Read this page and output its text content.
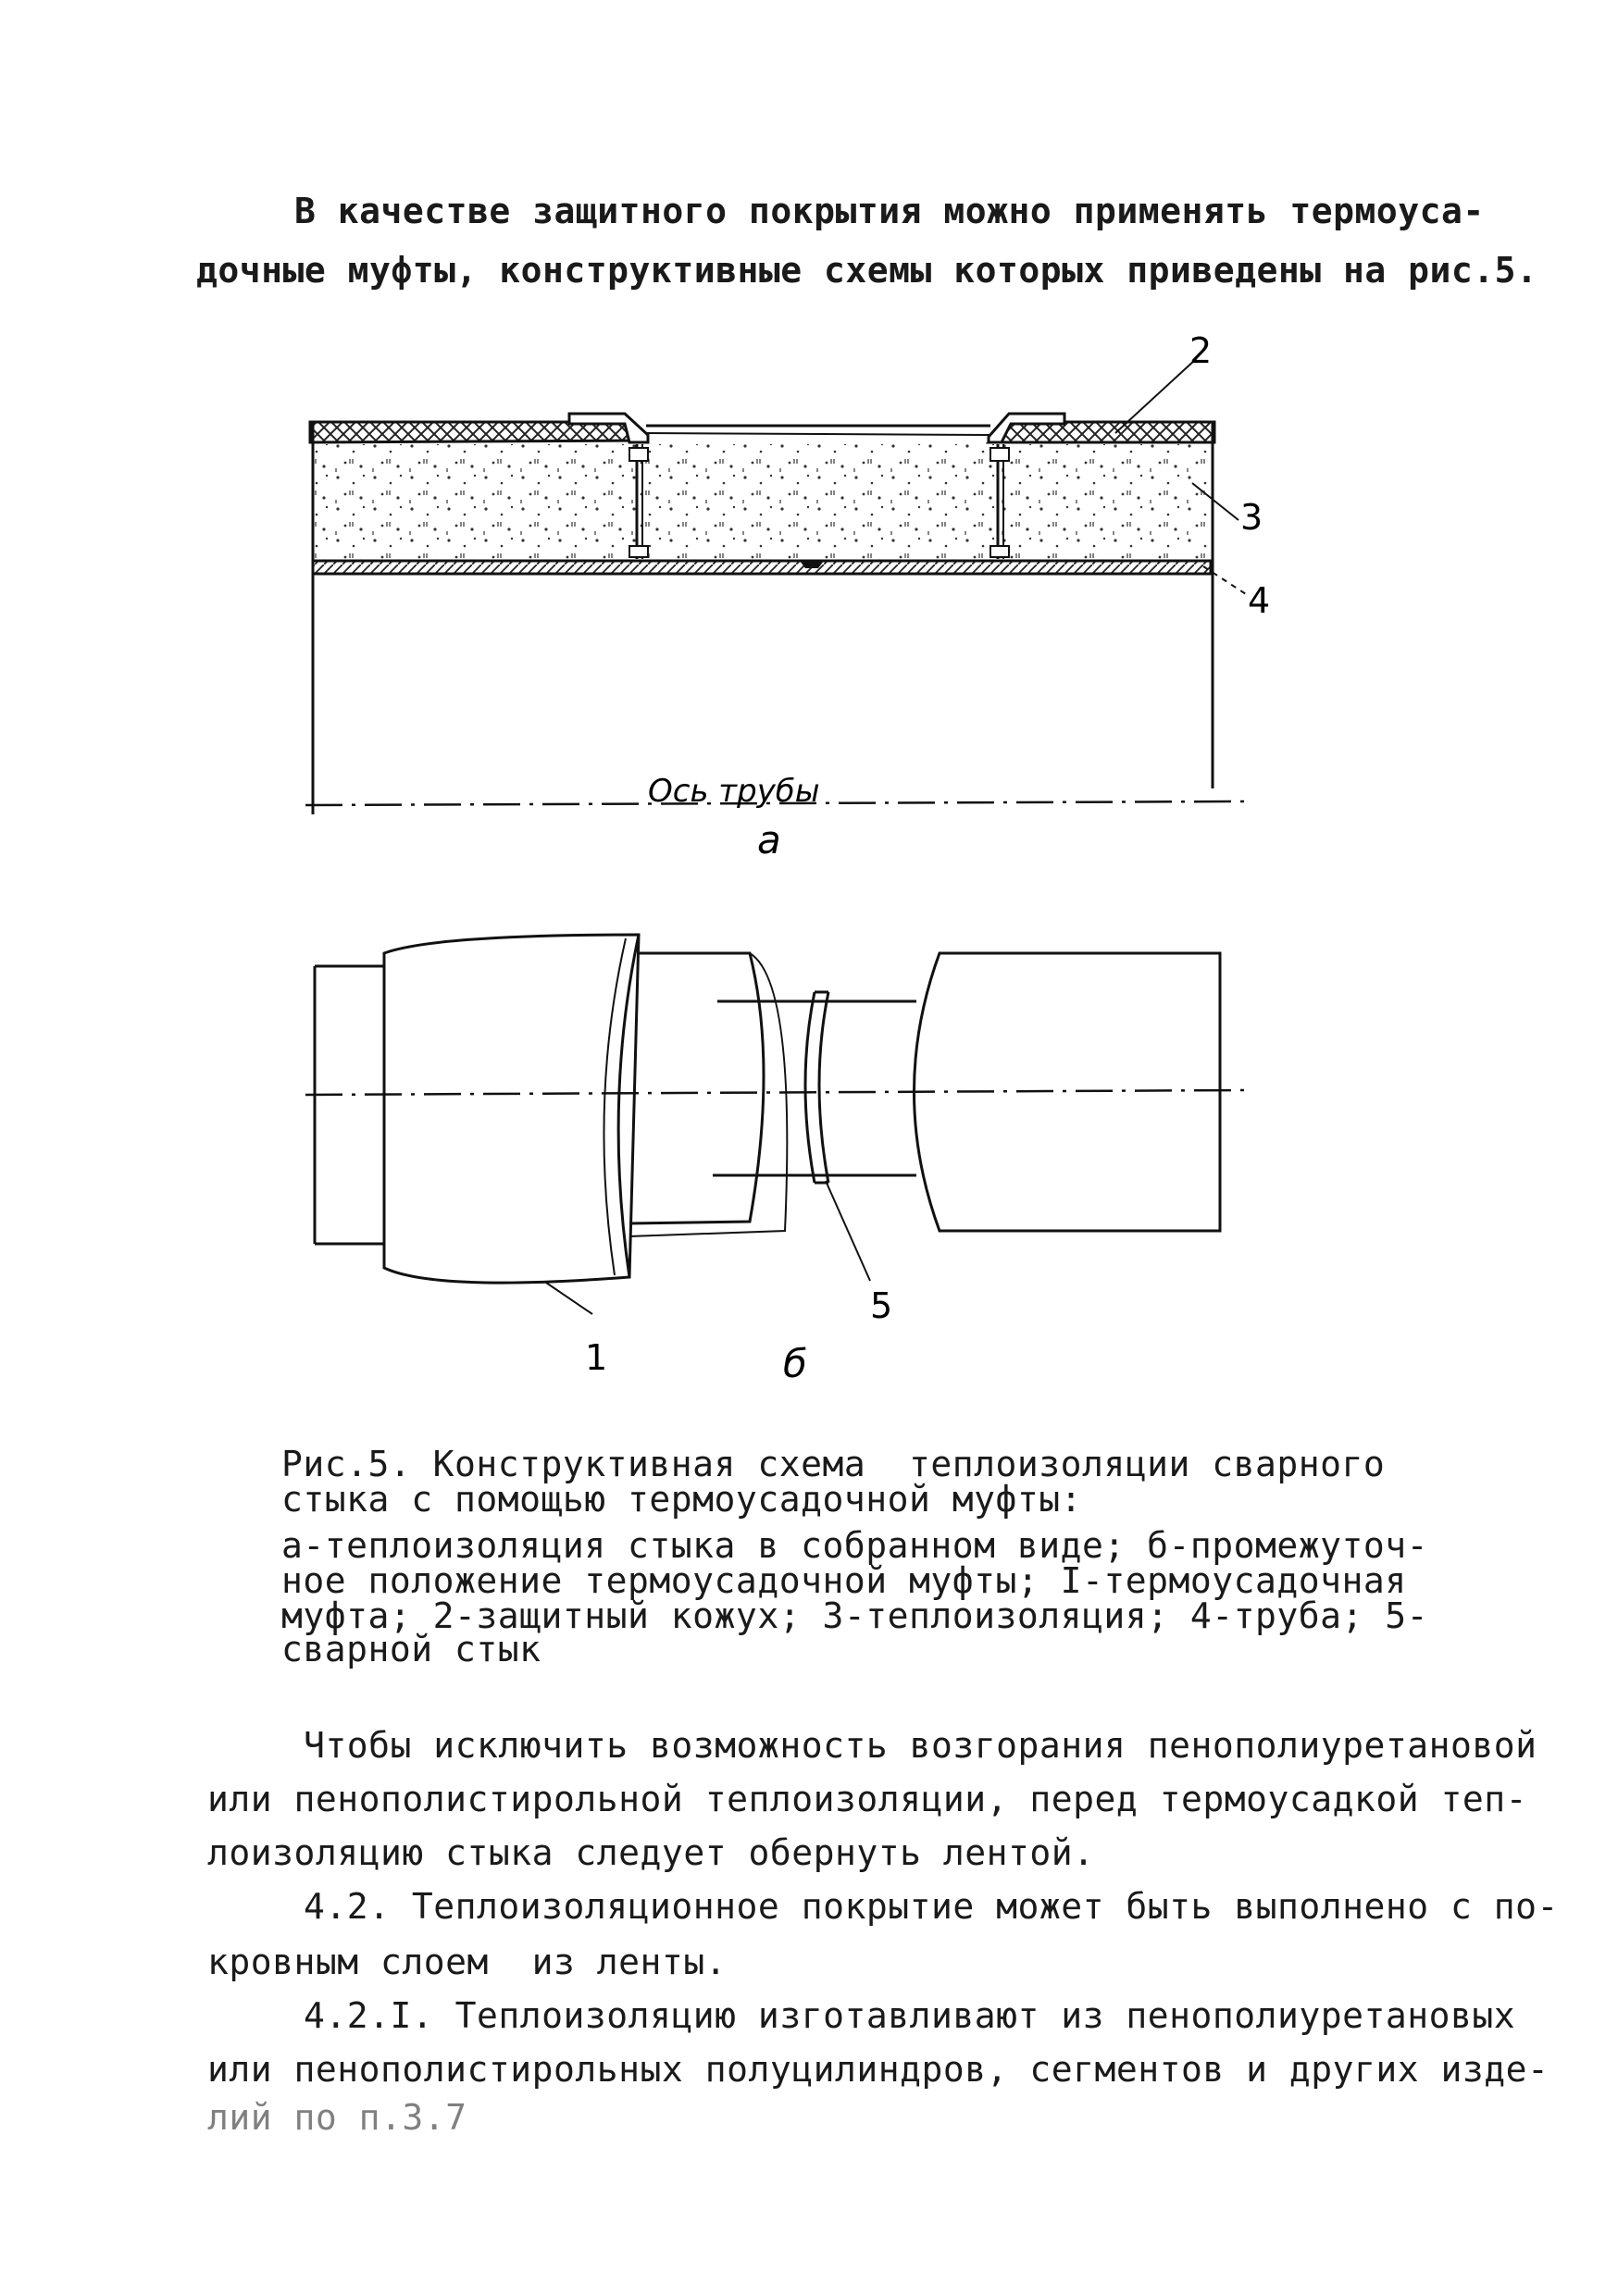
В качестве защитного покрытия можно применять термоуса-
дочные муфты, конструктивные схемы которых приведены на рис.5.
2
3
4
Ось трубы
а
1
5
б
Рис.5. Конструктивная схема  теплоизоляции сварного
стыка с помощью термоусадочной муфты:
а-теплоизоляция стыка в собранном виде; б-промежуточ-
ное положение термоусадочной муфты; I-термоусадочная
муфта; 2-защитный кожух; 3-теплоизоляция; 4-труба; 5-
сварной стык
Чтобы исключить возможность возгорания пенополиуретановой
или пенополистирольной теплоизоляции, перед термоусадкой теп-
лоизоляцию стыка следует обернуть лентой.
4.2. Теплоизоляционное покрытие может быть выполнено с по-
кровным слоем  из ленты.
4.2.I. Теплоизоляцию изготавливают из пенополиуретановых
или пенополистирольных полуцилиндров, сегментов и других изде-
лий по п.3.7
